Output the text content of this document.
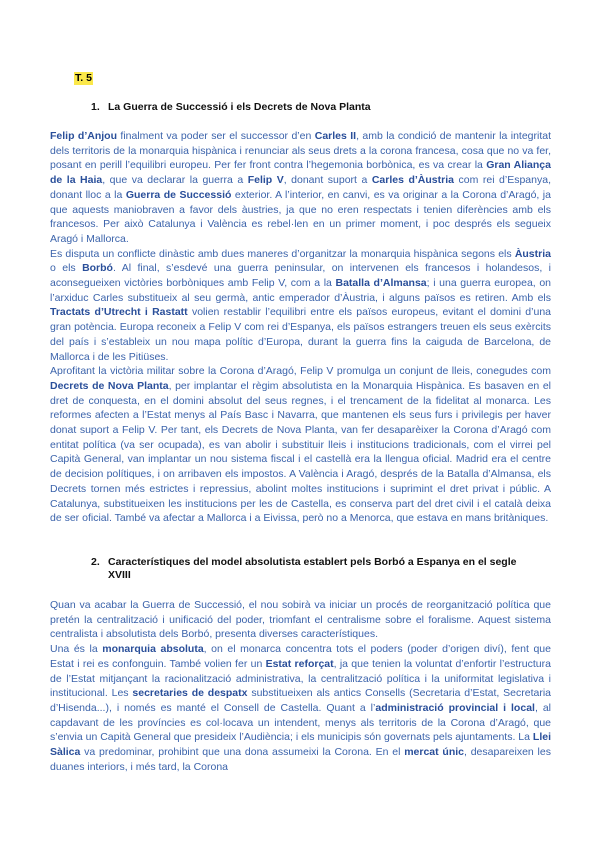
T. 5
1. La Guerra de Successió i els Decrets de Nova Planta

Felip d’Anjou finalment va poder ser el successor d’en Carles II, amb la condició de mantenir la integritat dels territoris de la monarquia hispànica i renunciar als seus drets a la corona francesa, cosa que no va fer, posant en perill l’equilibri europeu. Per fer front contra l’hegemonia borbònica, es va crear la Gran Aliança de la Haia, que va declarar la guerra a Felip V, donant suport a Carles d’Àustria com rei d’Espanya, donant lloc a la Guerra de Successió exterior. A l’interior, en canvi, es va originar a la Corona d’Aragó, ja que aquests maniobraven a favor dels àustries, ja que no eren respectats i tenien diferències amb els francesos. Per això Catalunya i València es rebel·len en un primer moment, i poc després els segueix Aragó i Mallorca.

Es disputa un conflicte dinàstic amb dues maneres d’organitzar la monarquia hispànica segons els Àustria o els Borbó. Al final, s’esdevé una guerra peninsular, on intervenen els francesos i holandesos, i aconsegueixen victòries borbòniques amb Felip V, com a la Batalla d’Almansa; i una guerra europea, on l’arxiduc Carles substitueix al seu germà, antic emperador d’Àustria, i alguns països es retiren. Amb els Tractats d’Utrecht i Rastatt volien restablir l’equilibri entre els països europeus, evitant el domini d’una gran potència. Europa reconeix a Felip V com rei d’Espanya, els països estrangers treuen els seus exèrcits del país i s’estableix un nou mapa polític d’Europa, durant la guerra fins la caiguda de Barcelona, de Mallorca i de les Pitiüses.

Aprofitant la victòria militar sobre la Corona d’Aragó, Felip V promulga un conjunt de lleis, conegudes com Decrets de Nova Planta, per implantar el règim absolutista en la Monarquia Hispànica. Es basaven en el dret de conquesta, en el domini absolut del seus regnes, i el trencament de la fidelitat al monarca. Les reformes afecten a l’Estat menys al País Basc i Navarra, que mantenen els seus furs i privilegis per haver donat suport a Felip V. Per tant, els Decrets de Nova Planta, van fer desaparèixer la Corona d’Aragó com entitat política (va ser ocupada), es van abolir i substituir lleis i institucions tradicionals, com el virrei pel Capità General, van implantar un nou sistema fiscal i el castellà era la llengua oficial. Madrid era el centre de decision polítiques, i on arribaven els impostos. A València i Aragó, després de la Batalla d’Almansa, els Decrets tornen més estrictes i repressius, abolint moltes institucions i suprimint el dret privat i públic. A Catalunya, substitueixen les institucions per les de Castella, es conserva part del dret civil i el català deixa de ser oficial. També va afectar a Mallorca i a Eivissa, però no a Menorca, que estava en mans britàniques.

2. Característiques del model absolutista establert pels Borbó a Espanya en el segle XVIII

Quan va acabar la Guerra de Successió, el nou sobirà va iniciar un procés de reorganització política que pretén la centralització i unificació del poder, triomfant el centralisme sobre el foralisme. Aquest sistema centralista i absolutista dels Borbó, presenta diverses característiques.

Una és la monarquia absoluta, on el monarca concentra tots el poders (poder d’origen diví), fent que Estat i rei es confonguin. També volien fer un Estat reforçat, ja que tenien la voluntat d’enfortir l’estructura de l’Estat mitjançant la racionalització administrativa, la centralització política i la uniformitat legislativa i institucional. Les secretaries de despatx substitueixen als antics Consells (Secretaria d’Estat, Secretaria d’Hisenda...), i només es manté el Consell de Castella. Quant a l’administració provincial i local, al capdavant de les províncies es col·locava un intendent, menys als territoris de la Corona d’Aragó, que s’envia un Capità General que presideix l’Audiència; i els municipis són governats pels ajuntaments. La Llei Sàlica va predominar, prohibint que una dona assumeixi la Corona. En el mercat únic, desapareixen les duanes interiors, i més tard, la Corona
